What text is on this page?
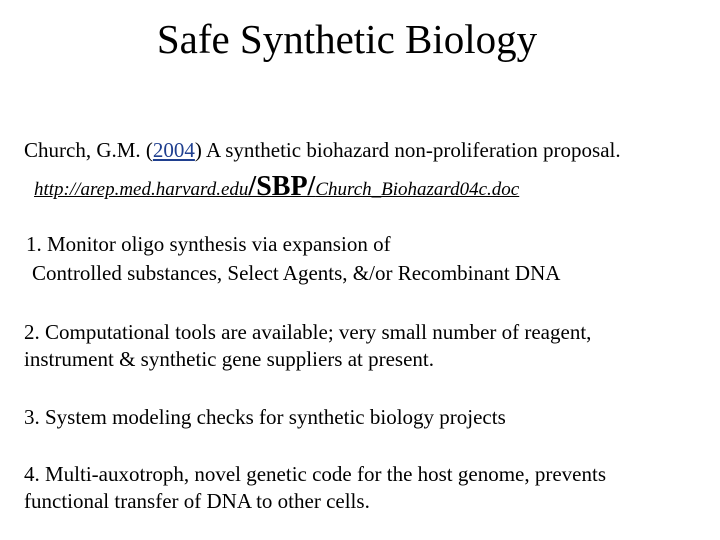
Safe Synthetic Biology
Church, G.M. (2004) A synthetic biohazard non-proliferation proposal.
http://arep.med.harvard.edu/SBP/Church_Biohazard04c.doc
1. Monitor oligo synthesis via expansion of
Controlled substances, Select Agents, &/or Recombinant DNA
2. Computational tools are available; very small number of reagent,
instrument & synthetic gene suppliers at present.
3. System modeling checks for synthetic biology projects
4. Multi-auxotroph, novel genetic code for the host genome, prevents
functional transfer of DNA to other cells.
